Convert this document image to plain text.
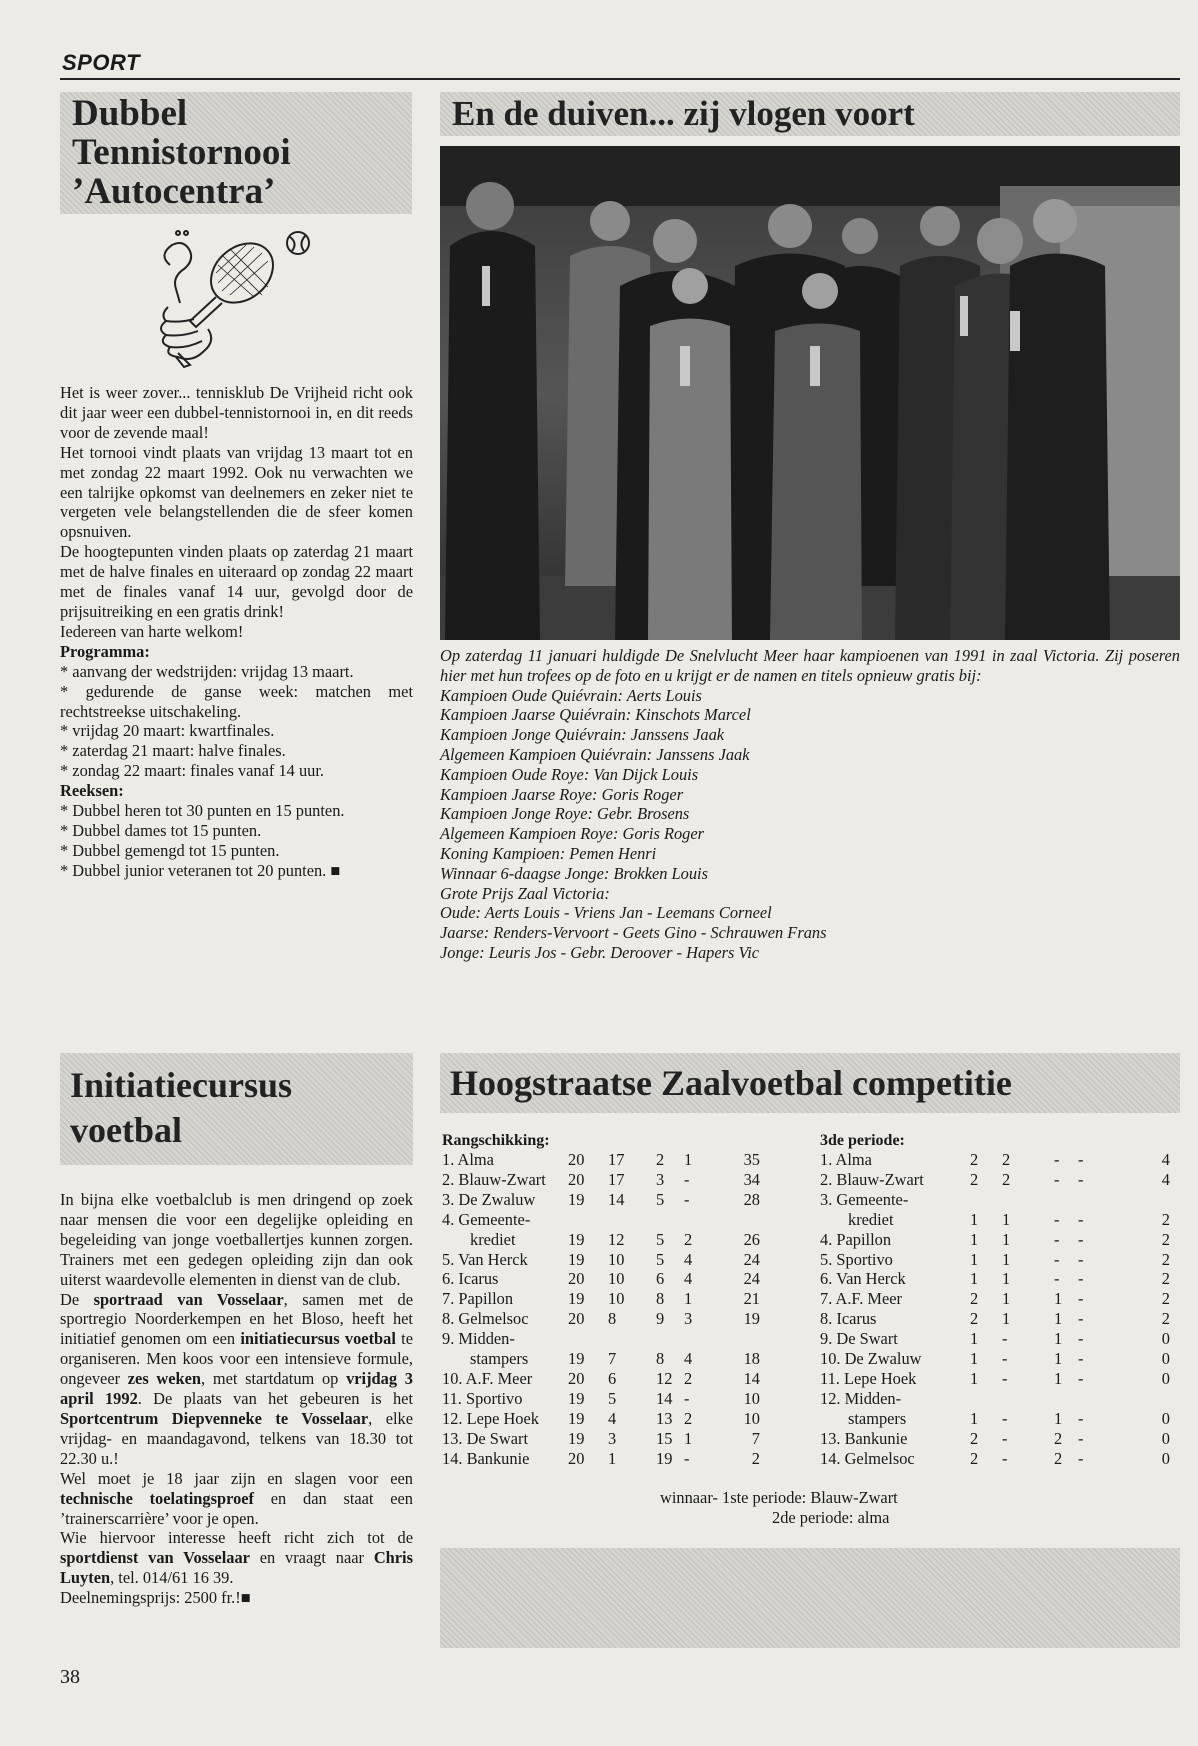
SPORT
Dubbel
Tennistornooi
’Autocentra’

Het is weer zover... tennisklub De Vrijheid richt ook dit jaar weer een dubbel-tennistornooi in, en dit reeds voor de zevende maal!

Het tornooi vindt plaats van vrijdag 13 maart tot en met zondag 22 maart 1992. Ook nu verwachten we een talrijke opkomst van deelnemers en zeker niet te vergeten vele belangstellenden die de sfeer komen opsnuiven.

De hoogtepunten vinden plaats op zaterdag 21 maart met de halve finales en uiteraard op zondag 22 maart met de finales vanaf 14 uur, gevolgd door de prijsuitreiking en een gratis drink!

Iedereen van harte welkom!

Programma:

* aanvang der wedstrijden: vrijdag 13 maart.

* gedurende de ganse week: matchen met rechtstreekse uitschakeling.

* vrijdag 20 maart: kwartfinales.

* zaterdag 21 maart: halve finales.

* zondag 22 maart: finales vanaf 14 uur.

Reeksen:

* Dubbel heren tot 30 punten en 15 punten.

* Dubbel dames tot 15 punten.

* Dubbel gemengd tot 15 punten.

* Dubbel junior veteranen tot 20 punten. ■

En de duiven... zij vlogen voort

Op zaterdag 11 januari huldigde De Snelvlucht Meer haar kampioenen van 1991 in zaal Victoria. Zij poseren hier met hun trofees op de foto en u krijgt er de namen en titels opnieuw gratis bij:

Kampioen Oude Quiévrain: Aerts Louis

Kampioen Jaarse Quiévrain: Kinschots Marcel

Kampioen Jonge Quiévrain: Janssens Jaak

Algemeen Kampioen Quiévrain: Janssens Jaak

Kampioen Oude Roye: Van Dijck Louis

Kampioen Jaarse Roye: Goris Roger

Kampioen Jonge Roye: Gebr. Brosens

Algemeen Kampioen Roye: Goris Roger

Koning Kampioen: Pemen Henri

Winnaar 6-daagse Jonge: Brokken Louis

Grote Prijs Zaal Victoria:

Oude: Aerts Louis - Vriens Jan - Leemans Corneel

Jaarse: Renders-Vervoort - Geets Gino - Schrauwen Frans

Jonge: Leuris Jos - Gebr. Deroover - Hapers Vic

Initiatiecursus
voetbal

In bijna elke voetbalclub is men dringend op zoek naar mensen die voor een degelijke opleiding en begeleiding van jonge voetballertjes kunnen zorgen. Trainers met een gedegen opleiding zijn dan ook uiterst waardevolle elementen in dienst van de club.

De sportraad van Vosselaar, samen met de sportregio Noorderkempen en het Bloso, heeft het initiatief genomen om een initiatiecursus voetbal te organiseren. Men koos voor een intensieve formule, ongeveer zes weken, met startdatum op vrijdag 3 april 1992. De plaats van het gebeuren is het Sportcentrum Diepvenneke te Vosselaar, elke vrijdag- en maandagavond, telkens van 18.30 tot 22.30 u.!

Wel moet je 18 jaar zijn en slagen voor een technische toelatingsproef en dan staat een ’trainerscarrière’ voor je open.

Wie hiervoor interesse heeft richt zich tot de sportdienst van Vosselaar en vraagt naar Chris Luyten, tel. 014/61 16 39.

Deelnemingsprijs: 2500 fr.!■

Hoogstraatse Zaalvoetbal competitie
Rangschikking:	3de periode:
1. Alma	20	17	2	1	35
2. Blauw-Zwart	20	17	3	-	34
3. De Zwaluw	19	14	5	-	28
4. Gemeente-					
krediet	19	12	5	2	26
5. Van Herck	19	10	5	4	24
6. Icarus	20	10	6	4	24
7. Papillon	19	10	8	1	21
8. Gelmelsoc	20	8	9	3	19
9. Midden-					
stampers	19	7	8	4	18
10. A.F. Meer	20	6	12	2	14
11. Sportivo	19	5	14	-	10
12. Lepe Hoek	19	4	13	2	10
13. De Swart	19	3	15	1	7
14. Bankunie	20	1	19	-	2
1. Alma	2	2	-	-	4
2. Blauw-Zwart	2	2	-	-	4
3. Gemeente-					
krediet	1	1	-	-	2
4. Papillon	1	1	-	-	2
5. Sportivo	1	1	-	-	2
6. Van Herck	1	1	-	-	2
7. A.F. Meer	2	1	1	-	2
8. Icarus	2	1	1	-	2
9. De Swart	1	-	1	-	0
10. De Zwaluw	1	-	1	-	0
11. Lepe Hoek	1	-	1	-	0
12. Midden-					
stampers	1	-	1	-	0
13. Bankunie	2	-	2	-	0
14. Gelmelsoc	2	-	2	-	0
winnaar- 1ste periode: Blauw-Zwart
2de periode: alma
38
